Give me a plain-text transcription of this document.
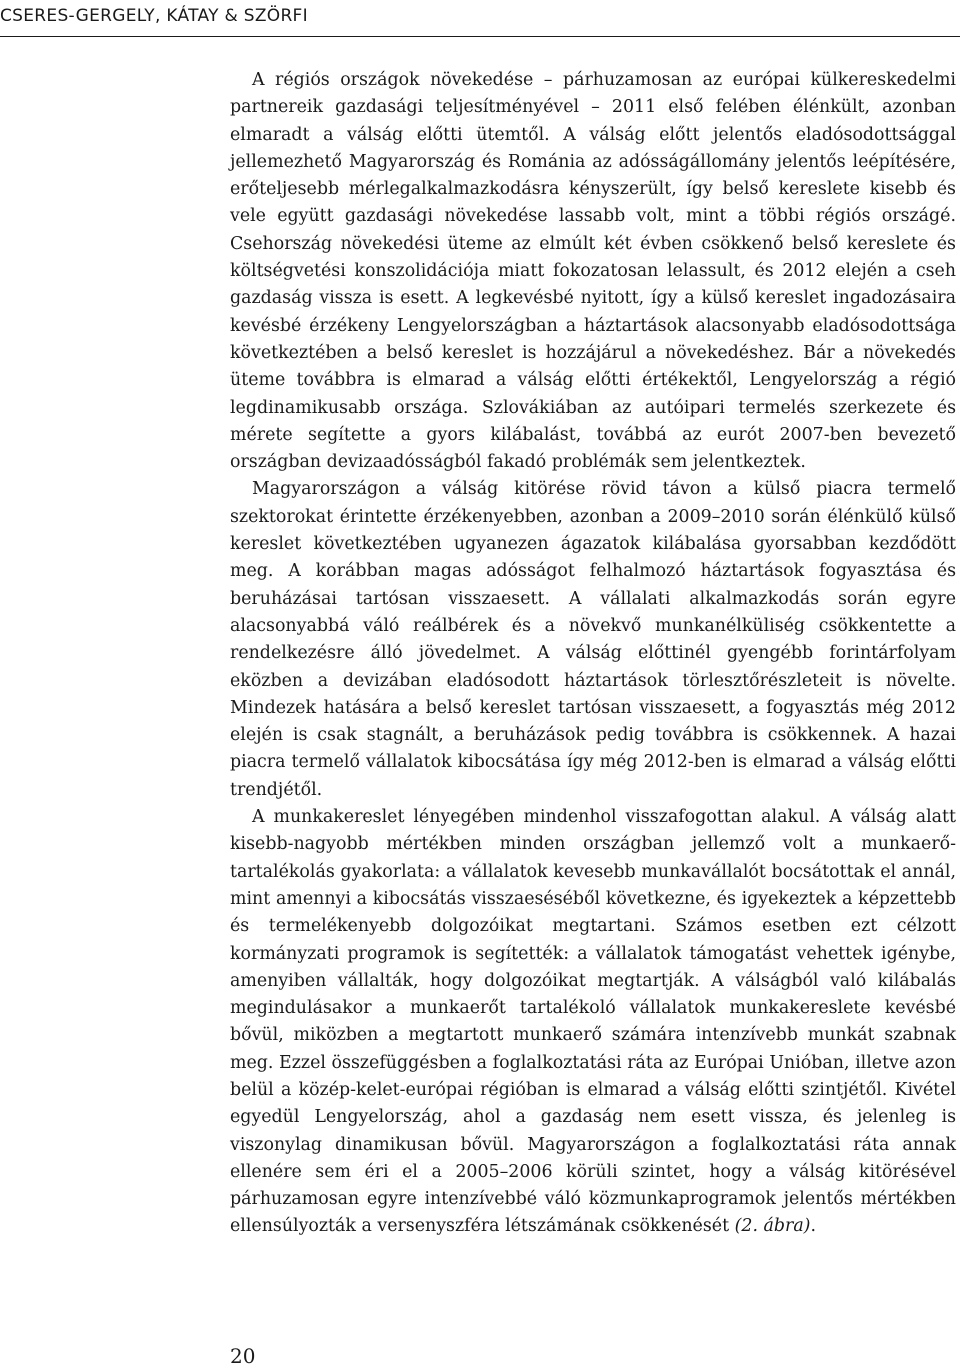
CSERES-GERGELY, KÁTAY & SZÖRFI

A régiós országok növekedése – párhuzamosan az európai külkereskedelmi partnereik gazdasági teljesítményével – 2011 első felében élénkült, azonban elmaradt a válság előtti ütemtől. A válság előtt jelentős eladósodottsággal jellemezhető Magyarország és Románia az adósságállomány jelentős leépítésére, erőteljesebb mérlegalkalmazkodásra kényszerült, így belső kereslete kisebb és vele együtt gazdasági növekedése lassabb volt, mint a többi régiós országé. Csehország növekedési üteme az elmúlt két évben csökkenő belső kereslete és költségvetési konszolidációja miatt fokozatosan lelassult, és 2012 elején a cseh gazdaság vissza is esett. A legkevésbé nyitott, így a külső kereslet ingadozásaira kevésbé érzékeny Lengyelországban a háztartások alacsonyabb eladósodottsága következtében a belső kereslet is hozzájárul a növekedéshez. Bár a növekedés üteme továbbra is elmarad a válság előtti értékektől, Lengyelország a régió legdinamikusabb országa. Szlovákiában az autóipari termelés szerkezete és mérete segítette a gyors kilábalást, továbbá az eurót 2007-ben bevezető országban devizaadósságból fakadó problémák sem jelentkeztek.

Magyarországon a válság kitörése rövid távon a külső piacra termelő szektorokat érintette érzékenyebben, azonban a 2009–2010 során élénkülő külső kereslet következtében ugyanezen ágazatok kilábalása gyorsabban kezdődött meg. A korábban magas adósságot felhalmozó háztartások fogyasztása és beruházásai tartósan visszaesett. A vállalati alkalmazkodás során egyre alacsonyabbá váló reálbérek és a növekvő munkanélküliség csökkentette a rendelkezésre álló jövedelmet. A válság előttinél gyengébb forintárfolyam eközben a devizában eladósodott háztartások törlesztőrészleteit is növelte. Mindezek hatására a belső kereslet tartósan visszaesett, a fogyasztás még 2012 elején is csak stagnált, a beruházások pedig továbbra is csökkennek. A hazai piacra termelő vállalatok kibocsátása így még 2012-ben is elmarad a válság előtti trendjétől.

A munkakereslet lényegében mindenhol visszafogottan alakul. A válság alatt kisebb-nagyobb mértékben minden országban jellemző volt a munkaerő-tartalékolás gyakorlata: a vállalatok kevesebb munkavállalót bocsátottak el annál, mint amennyi a kibocsátás visszaeséséből következne, és igyekeztek a képzettebb és termelékenyebb dolgozóikat megtartani. Számos esetben ezt célzott kormányzati programok is segítették: a vállalatok támogatást vehettek igénybe, amenyiben vállalták, hogy dolgozóikat megtartják. A válságból való kilábalás megindulásakor a munkaerőt tartalékoló vállalatok munkakereslete kevésbé bővül, miközben a megtartott munkaerő számára intenzívebb munkát szabnak meg. Ezzel összefüggésben a foglalkoztatási ráta az Európai Unióban, illetve azon belül a közép-kelet-európai régióban is elmarad a válság előtti szintjétől. Kivétel egyedül Lengyelország, ahol a gazdaság nem esett vissza, és jelenleg is viszonylag dinamikusan bővül. Magyarországon a foglalkoztatási ráta annak ellenére sem éri el a 2005–2006 körüli szintet, hogy a válság kitörésével párhuzamosan egyre intenzívebbé váló közmunkaprogramok jelentős mértékben ellensúlyozták a versenyszféra létszámának csökkenését (2. ábra).

20
